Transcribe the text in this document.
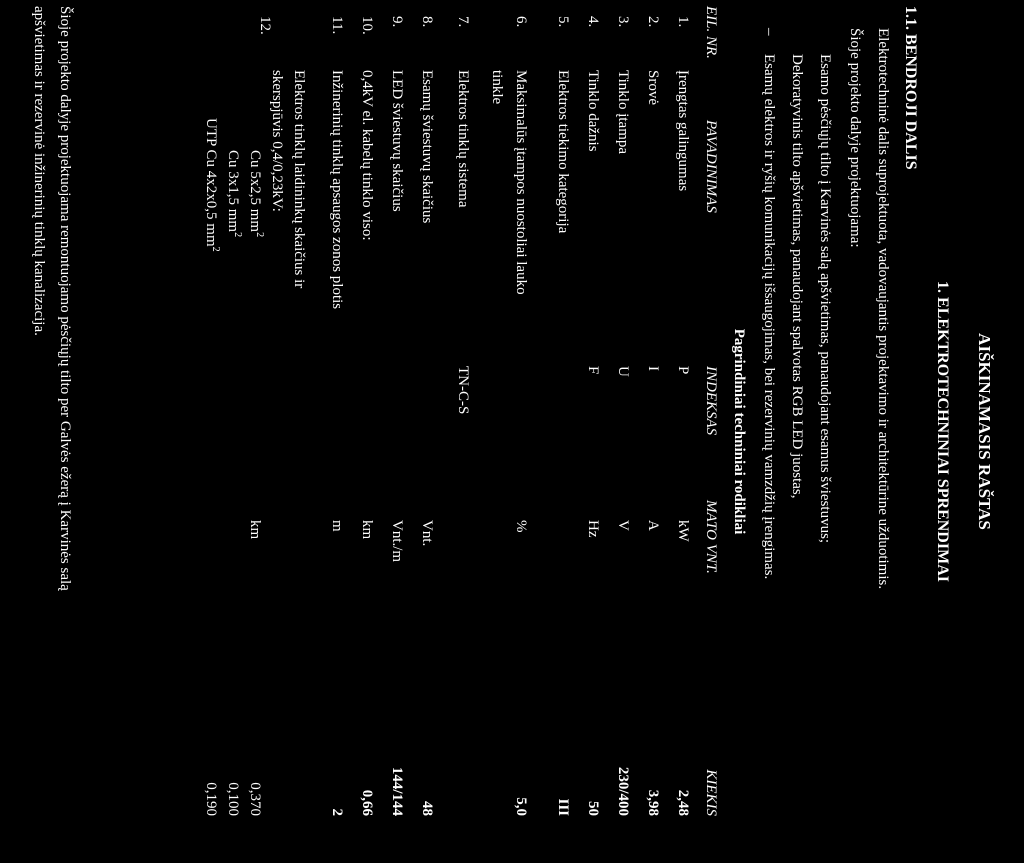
AIŠKINAMASIS RAŠTAS
1. ELEKTROTECHNINIAI SPRENDIMAI
1.1. BENDROJI DALIS
Elektrotechninė dalis suprojektuota, vadovaujantis projektavimo ir architektūrine užduotimis.
Šioje projekto dalyje projektuojama:
Esamo pėsčiųjų tilto į Karvinės salą apšvietimas, panaudojant esamus šviestuvus;
Dekoratyvinis tilto apšvietimas, panaudojant spalvotas RGB LED juostas,
–
Esamų elektros ir ryšių komunikacijų išsaugojimas, bei rezervinių vamzdžių įrengimas.
Pagrindiniai techniniai rodikliai
EIL. NR.
PAVADINIMAS
INDEKSAS
MATO VNT.
KIEKIS
1.
Įrengtas galingumas
P
kW
2,48
2.
Srovė
I
A
3,98
3.
Tinklo įtampa
U
V
230/400
4.
Tinklo dažnis
F
Hz
50
5.
Elektros tiekimo kategorija
III
6.
Maksimalūs įtampos nuostoliai lauko
tinkle
%
5,0
7.
Elektros tinklų sistema
TN-C-S
8.
Esamų šviestuvų skaičius
Vnt.
48
9.
LED šviestuvų skaičius
Vnt./m
144/144
10.
0,4kV el. kabelų tinklo viso:
km
0,66
11.
Inžinerinių tinklų apsaugos zonos plotis
m
2
12.
Elektros tinklų laidininkų skaičius ir
skerspjūvis 0,4/0,23kV:
Cu 5x2,5 $mm^2$
Cu 3x1,5 $mm^2$
UTP Cu 4x2x0,5 $mm^2$
km
0,370
0,100
0,190
Šioje projekto dalyje projektuojama remontuojamo pėsčiųjų tilto per Galvės ežerą į Karvinės salą
apšvietimas ir rezervinė inžinerinių tinklų kanalizacija.
